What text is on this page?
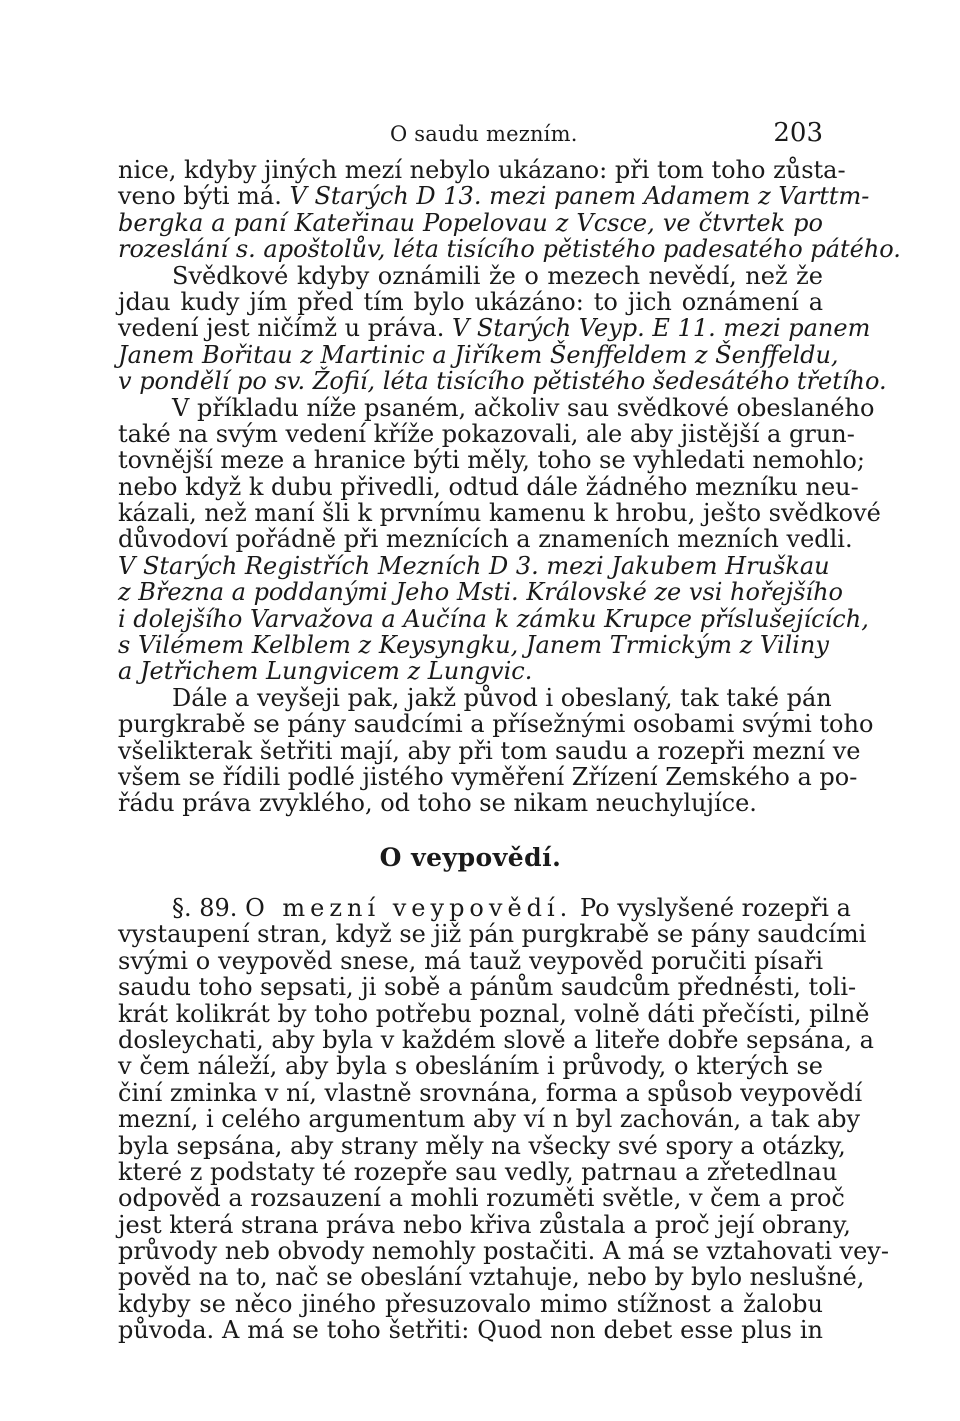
O saudu mezním.	203
nice, kdyby jiných mezí nebylo ukázano: při tom toho zůsta-
veno býti má. V Starých D 13. mezi panem Adamem z Varttm-
bergka a paní Kateřinau Popelovau z Vcsce, ve čtvrtek po
rozeslání s. apoštolův, léta tisícího pětistého padesatého pátého.
Svědkové kdyby oznámili že o mezech nevědí, než že
jdau kudy jím před tím bylo ukázáno: to jich oznámení a
vedení jest ničímž u práva. V Starých Veyp. E 11. mezi panem
Janem Bořitau z Martinic a Jiříkem Šenffeldem z Šenffeldu,
v pondělí po sv. Žofií, léta tisícího pětistého šedesátého třetího.
V příkladu níže psaném, ačkoliv sau svědkové obeslaného
také na svým vedení kříže pokazovali, ale aby jistější a grun-
tovnější meze a hranice býti měly, toho se vyhledati nemohlo;
nebo když k dubu přivedli, odtud dále žádného mezníku neu-
kázali, než maní šli k prvnímu kamenu k hrobu, ješto svědkové
důvodoví pořádně při meznících a znameních mezních vedli.
V Starých Registřích Mezních D 3. mezi Jakubem Hruškau
z Března a poddanými Jeho Msti. Královské ze vsi hořejšího
i dolejšího Varvažova a Aučína k zámku Krupce příslušejících,
s Vilémem Kelblem z Keysyngku, Janem Trmickým z Viliny
a Jetřichem Lungvicem z Lungvic.
Dále a veyšeji pak, jakž původ i obeslaný, tak také pán
purgkrabě se pány saudcími a přísežnými osobami svými toho
všelikterak šetřiti mají, aby při tom saudu a rozepři mezní ve
všem se řídili podlé jistého vyměření Zřízení Zemského a po-
řádu práva zvyklého, od toho se nikam neuchylujíce.
O veypovědí.
§. 89. O mezní veypovědí. Po vyslyšené rozepři a
vystaupení stran, když se již pán purgkrabě se pány saudcími
svými o veypověd snese, má tauž veypověd poručiti písaři
saudu toho sepsati, ji sobě a pánům saudcům přednésti, toli-
krát kolikrát by toho potřebu poznal, volně dáti přečísti, pilně
dosleychati, aby byla v každém slově a liteře dobře sepsána, a
v čem náleží, aby byla s obesláním i průvody, o kterých se
činí zminka v ní, vlastně srovnána, forma a spůsob veypovědí
mezní, i celého argumentum aby ví n byl zachován, a tak aby
byla sepsána, aby strany měly na všecky své spory a otázky,
které z podstaty té rozepře sau vedly, patrnau a zřetedlnau
odpověd a rozsauzení a mohli rozuměti světle, v čem a proč
jest která strana práva nebo křiva zůstala a proč její obrany,
průvody neb obvody nemohly postačiti. A má se vztahovati vey-
pověd na to, nač se obeslání vztahuje, nebo by bylo neslušné,
kdyby se něco jiného přesuzovalo mimo stížnost a žalobu
původa. A má se toho šetřiti: Quod non debet esse plus in
